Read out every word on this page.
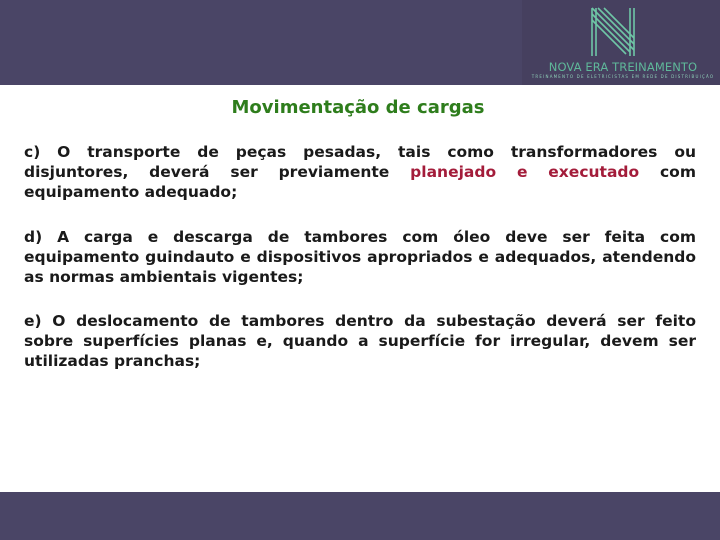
NOVA ERA TREINAMENTO
TREINAMENTO DE ELETRICISTAS EM REDE DE DISTRIBUIÇÃO
Movimentação de cargas
c) O transporte de peças pesadas, tais como transformadores ou disjuntores, deverá ser previamente planejado e executado com equipamento adequado;
d) A carga e descarga de tambores com óleo deve ser feita com equipamento guindauto e dispositivos apropriados e adequados, atendendo as normas ambientais vigentes;
e) O deslocamento de tambores dentro da subestação deverá ser feito sobre superfícies planas e, quando a superfície for irregular, devem ser utilizadas pranchas;
